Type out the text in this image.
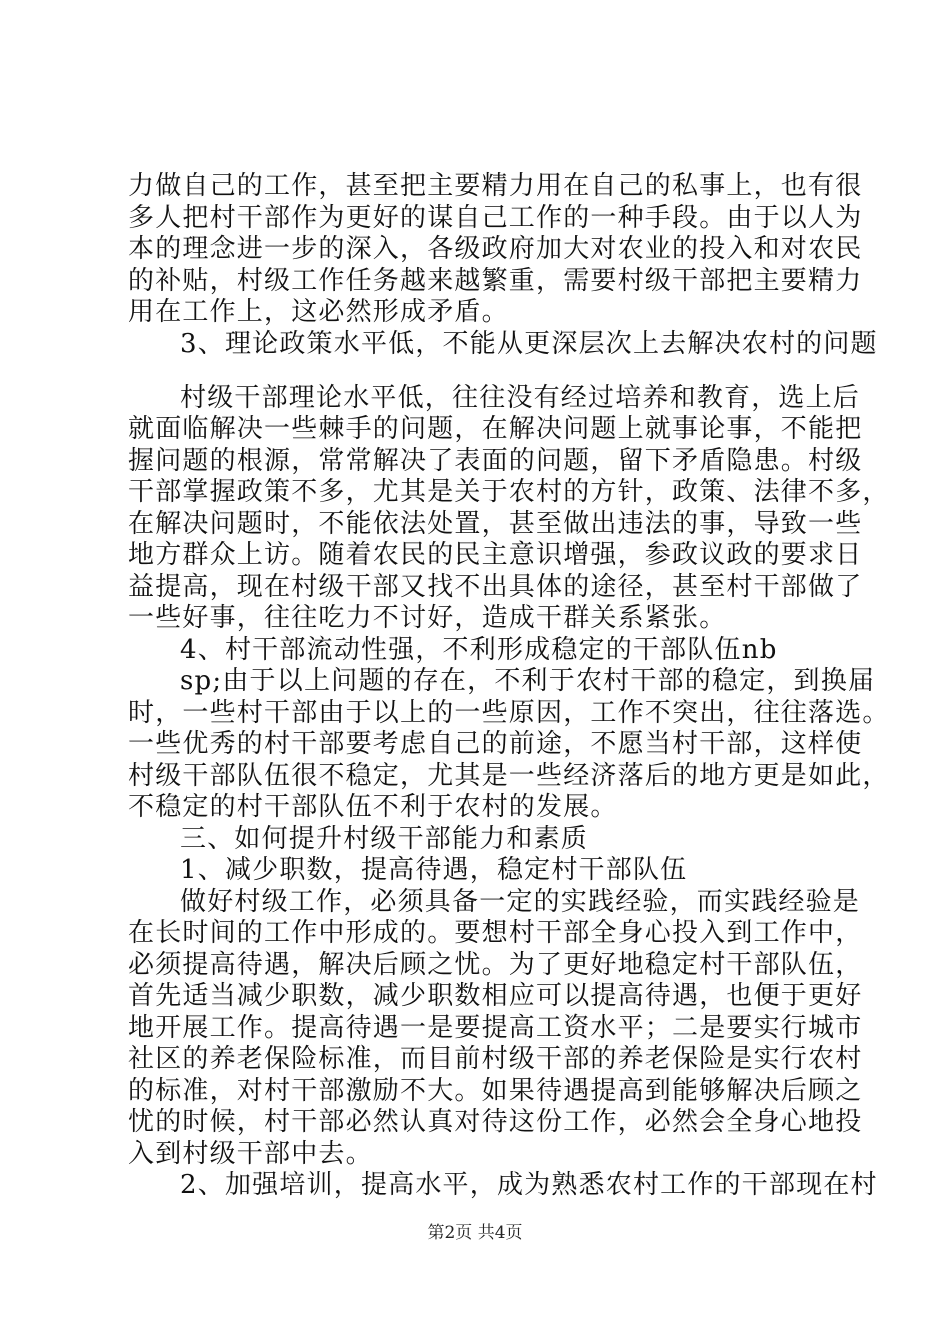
力做自己的工作，甚至把主要精力用在自己的私事上，也有很
多人把村干部作为更好的谋自己工作的一种手段。由于以人为
本的理念进一步的深入，各级政府加大对农业的投入和对农民
的补贴，村级工作任务越来越繁重，需要村级干部把主要精力
用在工作上，这必然形成矛盾。
3、理论政策水平低，不能从更深层次上去解决农村的问题
村级干部理论水平低，往往没有经过培养和教育，选上后
就面临解决一些棘手的问题，在解决问题上就事论事，不能把
握问题的根源，常常解决了表面的问题，留下矛盾隐患。村级
干部掌握政策不多，尤其是关于农村的方针，政策、法律不多，
在解决问题时，不能依法处置，甚至做出违法的事，导致一些
地方群众上访。随着农民的民主意识增强，参政议政的要求日
益提高，现在村级干部又找不出具体的途径，甚至村干部做了
一些好事，往往吃力不讨好，造成干群关系紧张。
4、村干部流动性强，不利形成稳定的干部队伍nb
sp;由于以上问题的存在，不利于农村干部的稳定，到换届
时，一些村干部由于以上的一些原因，工作不突出，往往落选。
一些优秀的村干部要考虑自己的前途，不愿当村干部，这样使
村级干部队伍很不稳定，尤其是一些经济落后的地方更是如此，
不稳定的村干部队伍不利于农村的发展。
三、如何提升村级干部能力和素质
1、减少职数，提高待遇，稳定村干部队伍
做好村级工作，必须具备一定的实践经验，而实践经验是
在长时间的工作中形成的。要想村干部全身心投入到工作中，
必须提高待遇，解决后顾之忧。为了更好地稳定村干部队伍，
首先适当减少职数，减少职数相应可以提高待遇，也便于更好
地开展工作。提高待遇一是要提高工资水平；二是要实行城市
社区的养老保险标准，而目前村级干部的养老保险是实行农村
的标准，对村干部激励不大。如果待遇提高到能够解决后顾之
忧的时候，村干部必然认真对待这份工作，必然会全身心地投
入到村级干部中去。
2、加强培训，提高水平，成为熟悉农村工作的干部现在村
第2页 共4页
